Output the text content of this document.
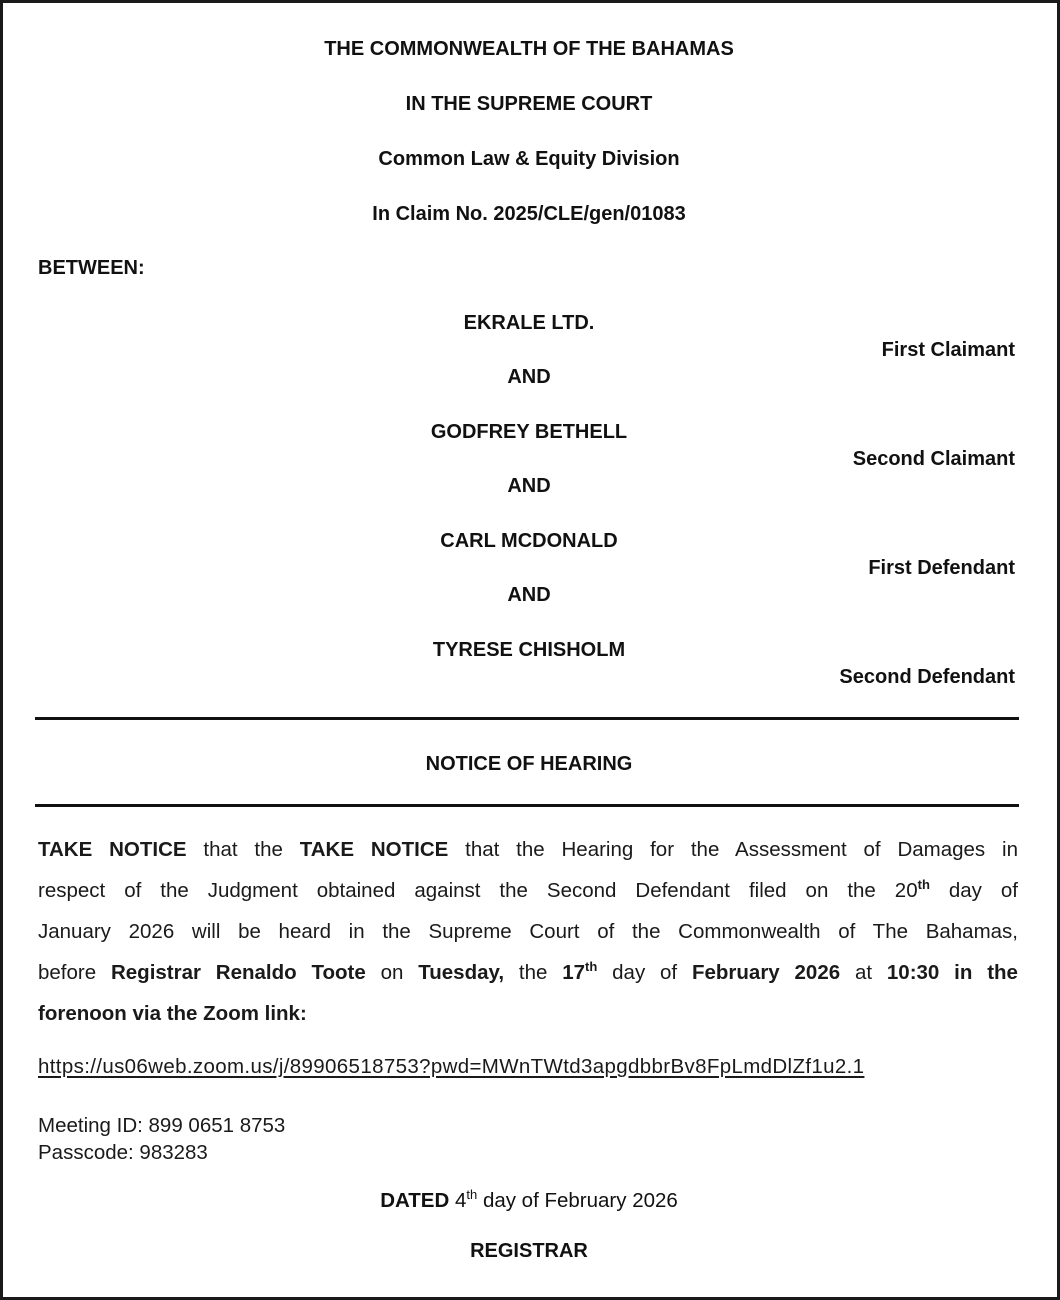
THE COMMONWEALTH OF THE BAHAMAS
IN THE SUPREME COURT
Common Law & Equity Division
In Claim No. 2025/CLE/gen/01083
BETWEEN:
EKRALE LTD.
First Claimant
AND
GODFREY BETHELL
Second Claimant
AND
CARL MCDONALD
First Defendant
AND
TYRESE CHISHOLM
Second Defendant
NOTICE OF HEARING
TAKE NOTICE that the TAKE NOTICE that the Hearing for the Assessment of Damages in
respect of the Judgment obtained against the Second Defendant filed on the 20th day of
January 2026 will be heard in the Supreme Court of the Commonwealth of The Bahamas,
before Registrar Renaldo Toote on Tuesday, the 17th day of February 2026 at 10:30 in the
forenoon via the Zoom link:
https://us06web.zoom.us/j/89906518753?pwd=MWnTWtd3apgdbbrBv8FpLmdDlZf1u2.1
Meeting ID: 899 0651 8753
Passcode: 983283
DATED 4th day of February 2026
REGISTRAR
